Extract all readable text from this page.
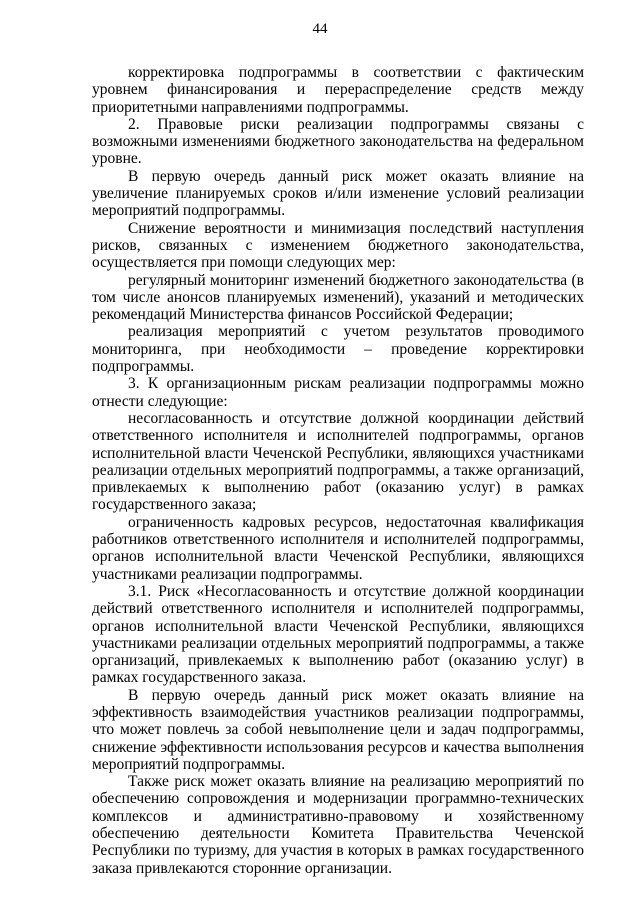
44

корректировка подпрограммы в соответствии с фактическим уровнем финансирования и перераспределение средств между приоритетными направлениями подпрограммы.

2. Правовые риски реализации подпрограммы связаны с возможными изменениями бюджетного законодательства на федеральном уровне.

В первую очередь данный риск может оказать влияние на увеличение планируемых сроков и/или изменение условий реализации мероприятий подпрограммы.

Снижение вероятности и минимизация последствий наступления рисков, связанных с изменением бюджетного законодательства, осуществляется при помощи следующих мер:

регулярный мониторинг изменений бюджетного законодательства (в том числе анонсов планируемых изменений), указаний и методических рекомендаций Министерства финансов Российской Федерации;

реализация мероприятий с учетом результатов проводимого мониторинга, при необходимости – проведение корректировки подпрограммы.

3. К организационным рискам реализации подпрограммы можно отнести следующие:

несогласованность и отсутствие должной координации действий ответственного исполнителя и исполнителей подпрограммы, органов исполнительной власти Чеченской Республики, являющихся участниками реализации отдельных мероприятий подпрограммы, а также организаций, привлекаемых к выполнению работ (оказанию услуг) в рамках государственного заказа;

ограниченность кадровых ресурсов, недостаточная квалификация работников ответственного исполнителя и исполнителей подпрограммы, органов исполнительной власти Чеченской Республики, являющихся участниками реализации подпрограммы.

3.1. Риск «Несогласованность и отсутствие должной координации действий ответственного исполнителя и исполнителей подпрограммы, органов исполнительной власти Чеченской Республики, являющихся участниками реализации отдельных мероприятий подпрограммы, а также организаций, привлекаемых к выполнению работ (оказанию услуг) в рамках государственного заказа.

В первую очередь данный риск может оказать влияние на эффективность взаимодействия участников реализации подпрограммы, что может повлечь за собой невыполнение цели и задач подпрограммы, снижение эффективности использования ресурсов и качества выполнения мероприятий подпрограммы.

Также риск может оказать влияние на реализацию мероприятий по обеспечению сопровождения и модернизации программно-технических комплексов и административно-правовому и хозяйственному обеспечению деятельности Комитета Правительства Чеченской Республики по туризму, для участия в которых в рамках государственного заказа привлекаются сторонние организации.
